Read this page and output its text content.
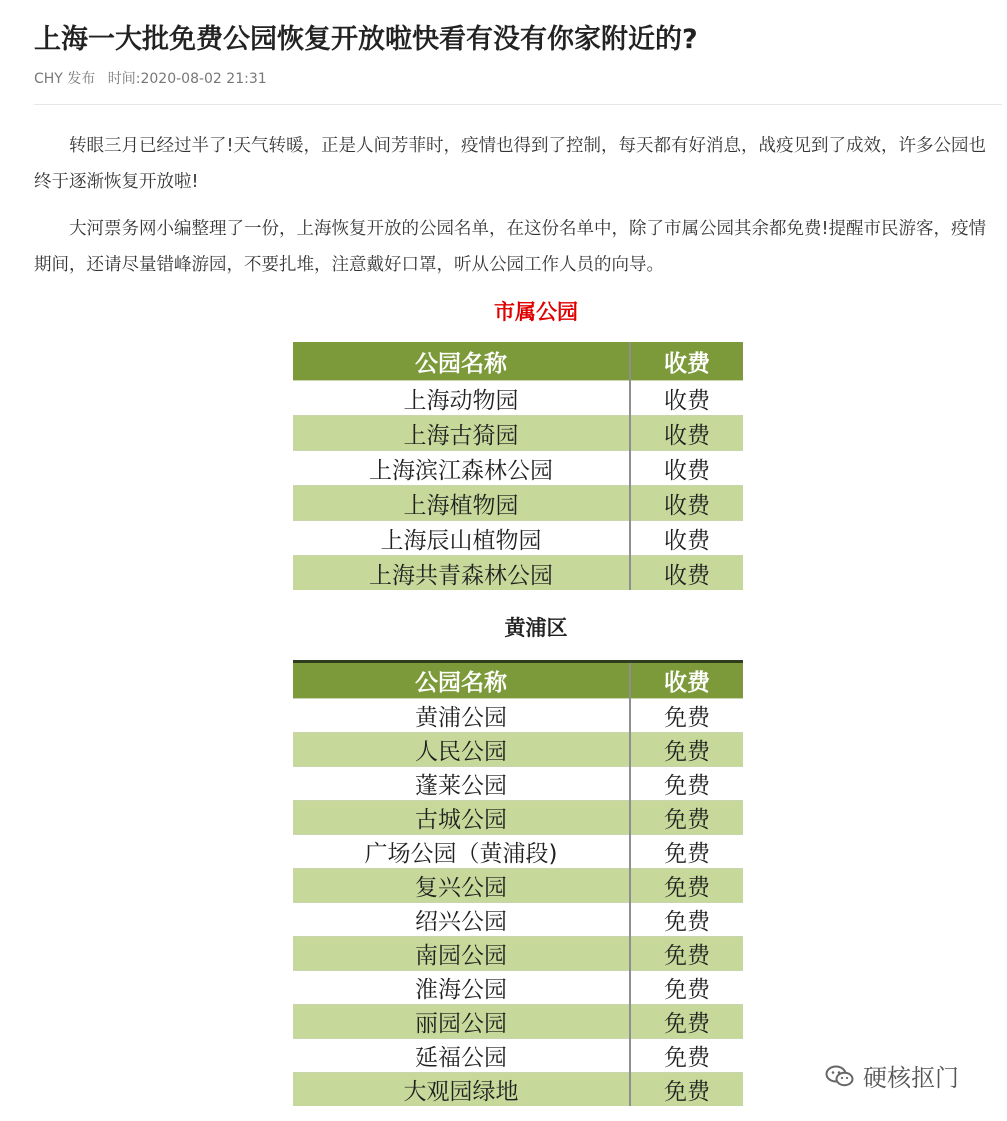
上海一大批免费公园恢复开放啦快看有没有你家附近的?
CHY 发布 时间:2020-08-02 21:31

转眼三月已经过半了!天气转暖，正是人间芳菲时，疫情也得到了控制，每天都有好消息，战疫见到了成效，许多公园也终于逐渐恢复开放啦!

大河票务网小编整理了一份，上海恢复开放的公园名单，在这份名单中，除了市属公园其余都免费!提醒市民游客，疫情期间，还请尽量错峰游园，不要扎堆，注意戴好口罩，听从公园工作人员的向导。

市属公园
公园名称	收费
上海动物园	收费
上海古猗园	收费
上海滨江森林公园	收费
上海植物园	收费
上海辰山植物园	收费
上海共青森林公园	收费
黄浦区
公园名称	收费
黄浦公园	免费
人民公园	免费
蓬莱公园	免费
古城公园	免费
广场公园（黄浦段)	免费
复兴公园	免费
绍兴公园	免费
南园公园	免费
淮海公园	免费
丽园公园	免费
延福公园	免费
大观园绿地	免费	硬核抠门
